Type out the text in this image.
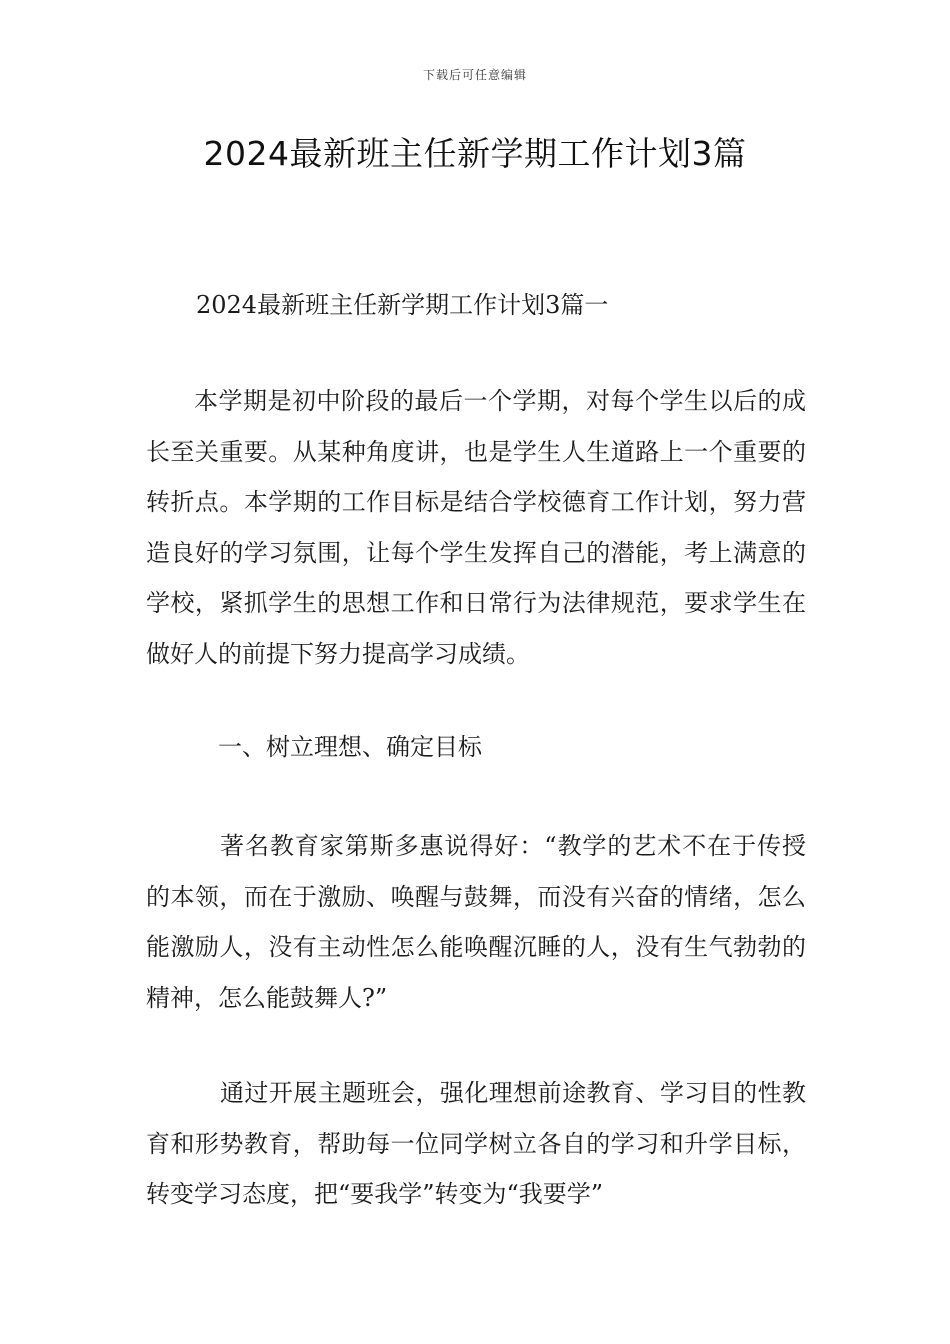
下载后可任意编辑
2024最新班主任新学期工作计划3篇

2024最新班主任新学期工作计划3篇一

本学期是初中阶段的最后一个学期，对每个学生以后的成长至关重要。从某种角度讲，也是学生人生道路上一个重要的转折点。本学期的工作目标是结合学校德育工作计划，努力营造良好的学习氛围，让每个学生发挥自己的潜能，考上满意的学校，紧抓学生的思想工作和日常行为法律规范，要求学生在做好人的前提下努力提高学习成绩。

一、树立理想、确定目标

著名教育家第斯多惠说得好：“教学的艺术不在于传授的本领，而在于激励、唤醒与鼓舞，而没有兴奋的情绪，怎么能激励人，没有主动性怎么能唤醒沉睡的人，没有生气勃勃的精神，怎么能鼓舞人?”

通过开展主题班会，强化理想前途教育、学习目的性教育和形势教育，帮助每一位同学树立各自的学习和升学目标，转变学习态度，把“要我学”转变为“我要学”
